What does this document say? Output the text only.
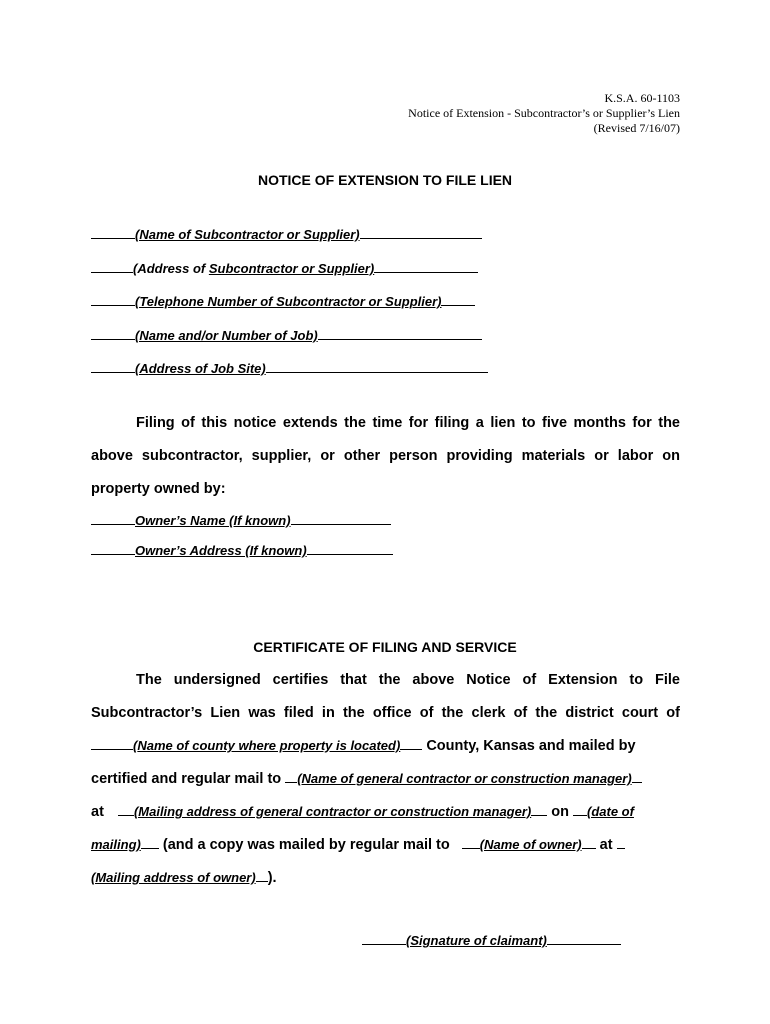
K.S.A. 60-1103
Notice of Extension - Subcontractor’s or Supplier’s Lien
(Revised 7/16/07)
NOTICE OF EXTENSION TO FILE LIEN
(Name of Subcontractor or Supplier)
(Address of Subcontractor or Supplier)
(Telephone Number of Subcontractor or Supplier)
(Name and/or Number of Job)
(Address of Job Site)
Filing of this notice extends the time for filing a lien to five months for the
above subcontractor, supplier, or other person providing materials or labor on
property owned by:
Owner’s Name (If known)
Owner’s Address (If known)
CERTIFICATE OF FILING AND SERVICE
The undersigned certifies that the above Notice of Extension to File
Subcontractor’s Lien was filed in the office of the clerk of the district court of
(Name of county where property is located) County, Kansas and mailed by
certified and regular mail to (Name of general contractor or construction manager)
at (Mailing address of general contractor or construction manager) on (date of
mailing) (and a copy was mailed by regular mail to (Name of owner) at
(Mailing address of owner) ).
(Signature of claimant)
